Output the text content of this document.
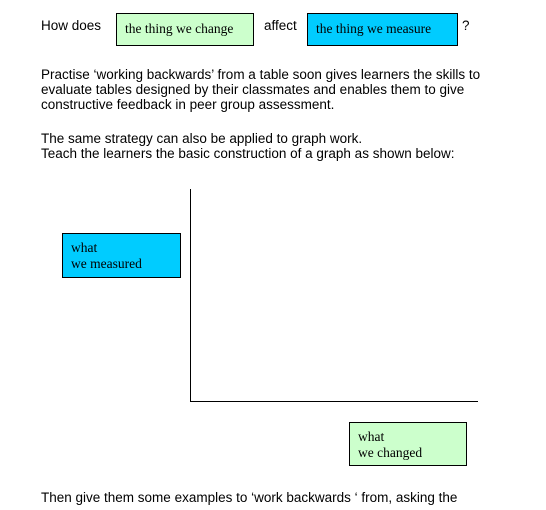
How does the thing we change affect the thing we measure ?
Practise ‘working backwards’ from a table soon gives learners the skills to
evaluate tables designed by their classmates and enables them to give
constructive feedback in peer group assessment.
The same strategy can also be applied to graph work.
Teach the learners the basic construction of a graph as shown below:
what
we measured
what
we changed
Then give them some examples to ‘work backwards ‘ from, asking the
